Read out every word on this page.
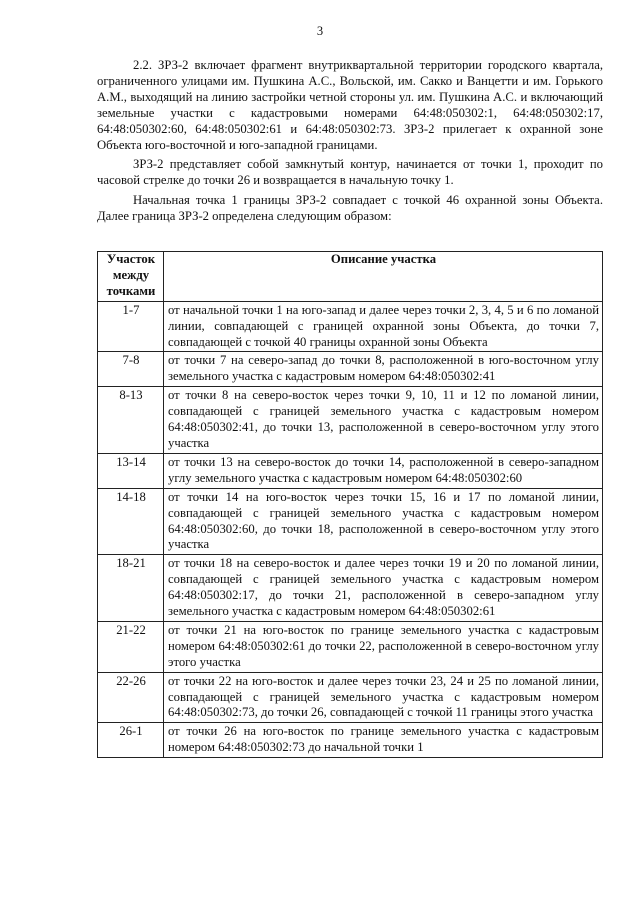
3

2.2. ЗРЗ-2 включает фрагмент внутриквартальной территории городского квартала, ограниченного улицами им. Пушкина А.С., Вольской, им. Сакко и Ванцетти и им. Горького А.М., выходящий на линию застройки четной стороны ул. им. Пушкина А.С. и включающий земельные участки с кадастровыми номерами 64:48:050302:1, 64:48:050302:17, 64:48:050302:60, 64:48:050302:61 и 64:48:050302:73. ЗРЗ-2 прилегает к охранной зоне Объекта юго-восточной и юго-западной границами.

ЗРЗ-2 представляет собой замкнутый контур, начинается от точки 1, проходит по часовой стрелке до точки 26 и возвращается в начальную точку 1.

Начальная точка 1 границы ЗРЗ-2 совпадает с точкой 46 охранной зоны Объекта. Далее граница ЗРЗ-2 определена следующим образом:

Участок между точками	Описание участка
1-7	от начальной точки 1 на юго-запад и далее через точки 2, 3, 4, 5 и 6 по ломаной линии, совпадающей с границей охранной зоны Объекта, до точки 7, совпадающей с точкой 40 границы охранной зоны Объекта
7-8	от точки 7 на северо-запад до точки 8, расположенной в юго-восточном углу земельного участка с кадастровым номером 64:48:050302:41
8-13	от точки 8 на северо-восток через точки 9, 10, 11 и 12 по ломаной линии, совпадающей с границей земельного участка с кадастровым номером 64:48:050302:41, до точки 13, расположенной в северо-восточном углу этого участка
13-14	от точки 13 на северо-восток до точки 14, расположенной в северо-западном углу земельного участка с кадастровым номером 64:48:050302:60
14-18	от точки 14 на юго-восток через точки 15, 16 и 17 по ломаной линии, совпадающей с границей земельного участка с кадастровым номером 64:48:050302:60, до точки 18, расположенной в северо-восточном углу этого участка
18-21	от точки 18 на северо-восток и далее через точки 19 и 20 по ломаной линии, совпадающей с границей земельного участка с кадастровым номером 64:48:050302:17, до точки 21, расположенной в северо-западном углу земельного участка с кадастровым номером 64:48:050302:61
21-22	от точки 21 на юго-восток по границе земельного участка с кадастровым номером 64:48:050302:61 до точки 22, расположенной в северо-восточном углу этого участка
22-26	от точки 22 на юго-восток и далее через точки 23, 24 и 25 по ломаной линии, совпадающей с границей земельного участка с кадастровым номером 64:48:050302:73, до точки 26, совпадающей с точкой 11 границы этого участка
26-1	от точки 26 на юго-восток по границе земельного участка с кадастровым номером 64:48:050302:73 до начальной точки 1
